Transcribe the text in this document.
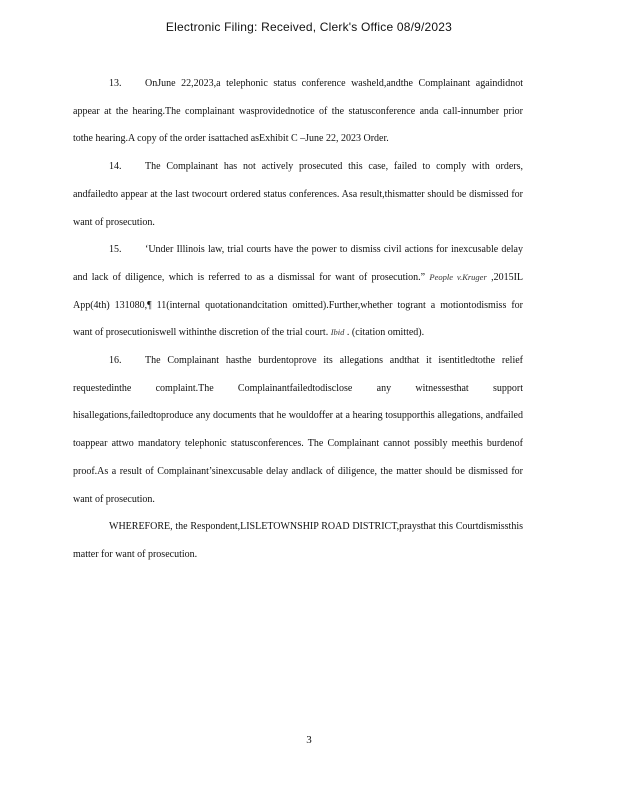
Electronic Filing: Received, Clerk's Office 08/9/2023

13. OnJune 22,2023,a telephonic status conference washeld,andthe Complainant againdidnot appear at the hearing.The complainant wasprovidednotice of the statusconference anda call-innumber prior tothe hearing.A copy of the order isattached asExhibit C –June 22, 2023 Order.

14. The Complainant has not actively prosecuted this case, failed to comply with orders, andfailedto appear at the last twocourt ordered status conferences. Asa result,thismatter should be dismissed for want of prosecution.

15. ‘Under Illinois law, trial courts have the power to dismiss civil actions for inexcusable delay and lack of diligence, which is referred to as a dismissal for want of prosecution.” People v.Kruger ,2015IL App(4th) 131080,¶ 11(internal quotationandcitation omitted).Further,whether togrant a motiontodismiss for want of prosecutioniswell withinthe discretion of the trial court. Ibid . (citation omitted).

16. The Complainant hasthe burdentoprove its allegations andthat it isentitledtothe relief requestedinthe complaint.The Complainantfailedtodisclose any witnessesthat support hisallegations,failedtoproduce any documents that he wouldoffer at a hearing tosupporthis allegations, andfailed toappear attwo mandatory telephonic statusconferences. The Complainant cannot possibly meethis burdenof proof.As a result of Complainant’sinexcusable delay andlack of diligence, the matter should be dismissed for want of prosecution.

WHEREFORE, the Respondent,LISLETOWNSHIP ROAD DISTRICT,praysthat this Courtdismissthis matter for want of prosecution.

3
